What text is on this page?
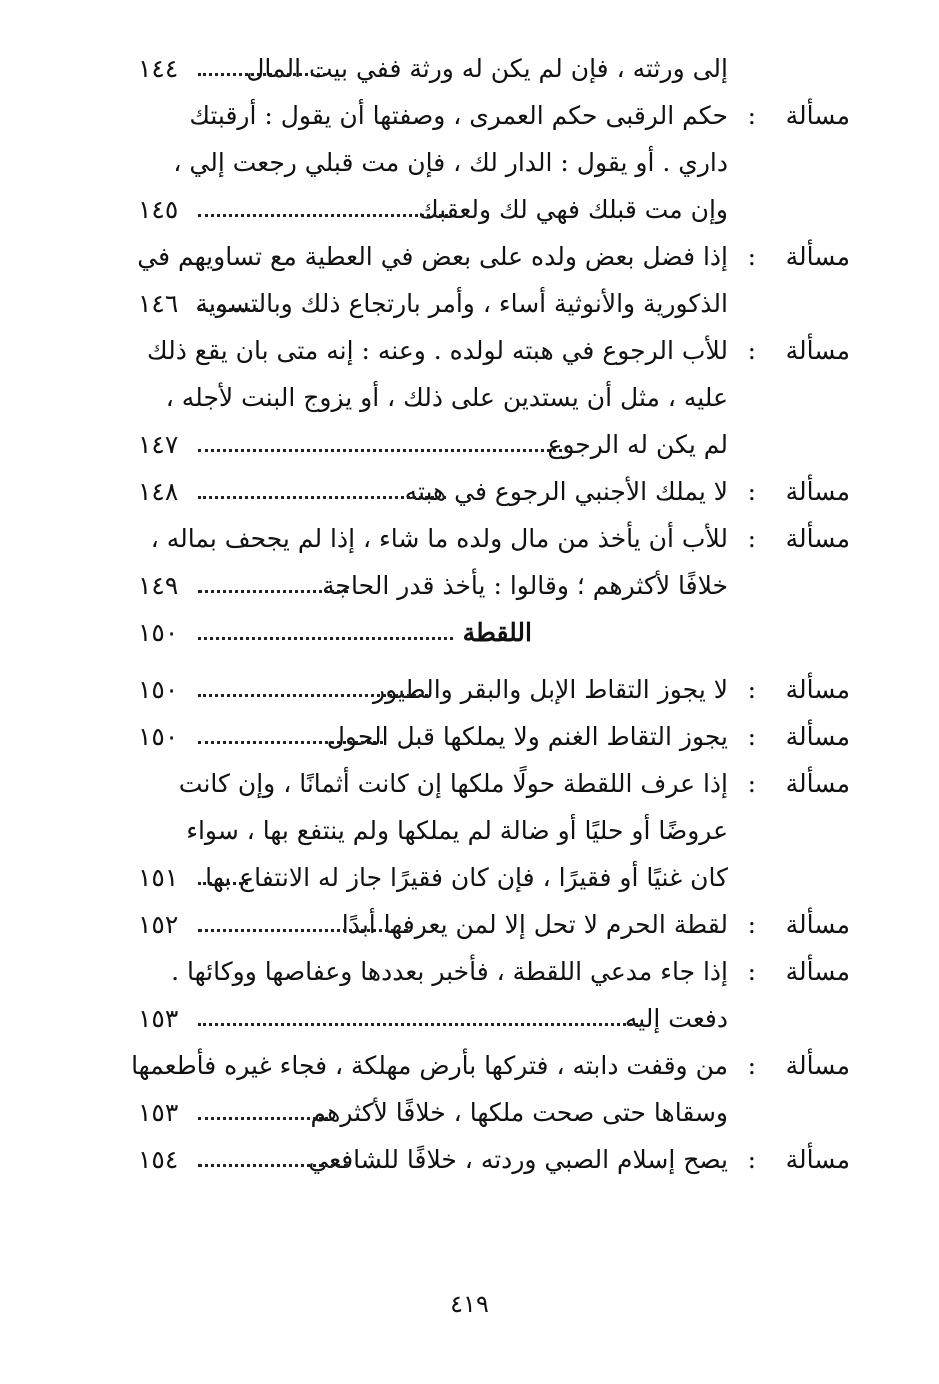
إلى ورثته ، فإن لم يكن له ورثة ففي بيت المال
١٤٤
مسألة
:
حكم الرقبى حكم العمرى ، وصفتها أن يقول : أرقبتك
داري . أو يقول : الدار لك ، فإن مت قبلي رجعت إلي ،
وإن مت قبلك فهي لك ولعقبك
١٤٥
مسألة
:
إذا فضل بعض ولده على بعض في العطية مع تساويهم في
الذكورية والأنوثية أساء ، وأمر بارتجاع ذلك وبالتسوية
١٤٦
مسألة
:
للأب الرجوع في هبته لولده . وعنه : إنه متى بان يقع ذلك
عليه ، مثل أن يستدين على ذلك ، أو يزوج البنت لأجله ،
لم يكن له الرجوع
١٤٧
مسألة
:
لا يملك الأجنبي الرجوع في هبته
١٤٨
مسألة
:
للأب أن يأخذ من مال ولده ما شاء ، إذا لم يجحف بماله ،
خلافًا لأكثرهم ؛ وقالوا : يأخذ قدر الحاجة
١٤٩
اللقطة
١٥٠
مسألة
:
لا يجوز التقاط الإبل والبقر والطيور
١٥٠
مسألة
:
يجوز التقاط الغنم ولا يملكها قبل الحول
١٥٠
مسألة
:
إذا عرف اللقطة حولًا ملكها إن كانت أثمانًا ، وإن كانت
عروضًا أو حليًا أو ضالة لم يملكها ولم ينتفع بها ، سواء
كان غنيًا أو فقيرًا ، فإن كان فقيرًا جاز له الانتفاع بها
١٥١
مسألة
:
لقطة الحرم لا تحل إلا لمن يعرفها أبدًا
١٥٢
مسألة
:
إذا جاء مدعي اللقطة ، فأخبر بعددها وعفاصها ووكائها .
دفعت إليه
١٥٣
مسألة
:
من وقفت دابته ، فتركها بأرض مهلكة ، فجاء غيره فأطعمها
وسقاها حتى صحت ملكها ، خلافًا لأكثرهم
١٥٣
مسألة
:
يصح إسلام الصبي وردته ، خلافًا للشافعي
١٥٤
٤١٩
